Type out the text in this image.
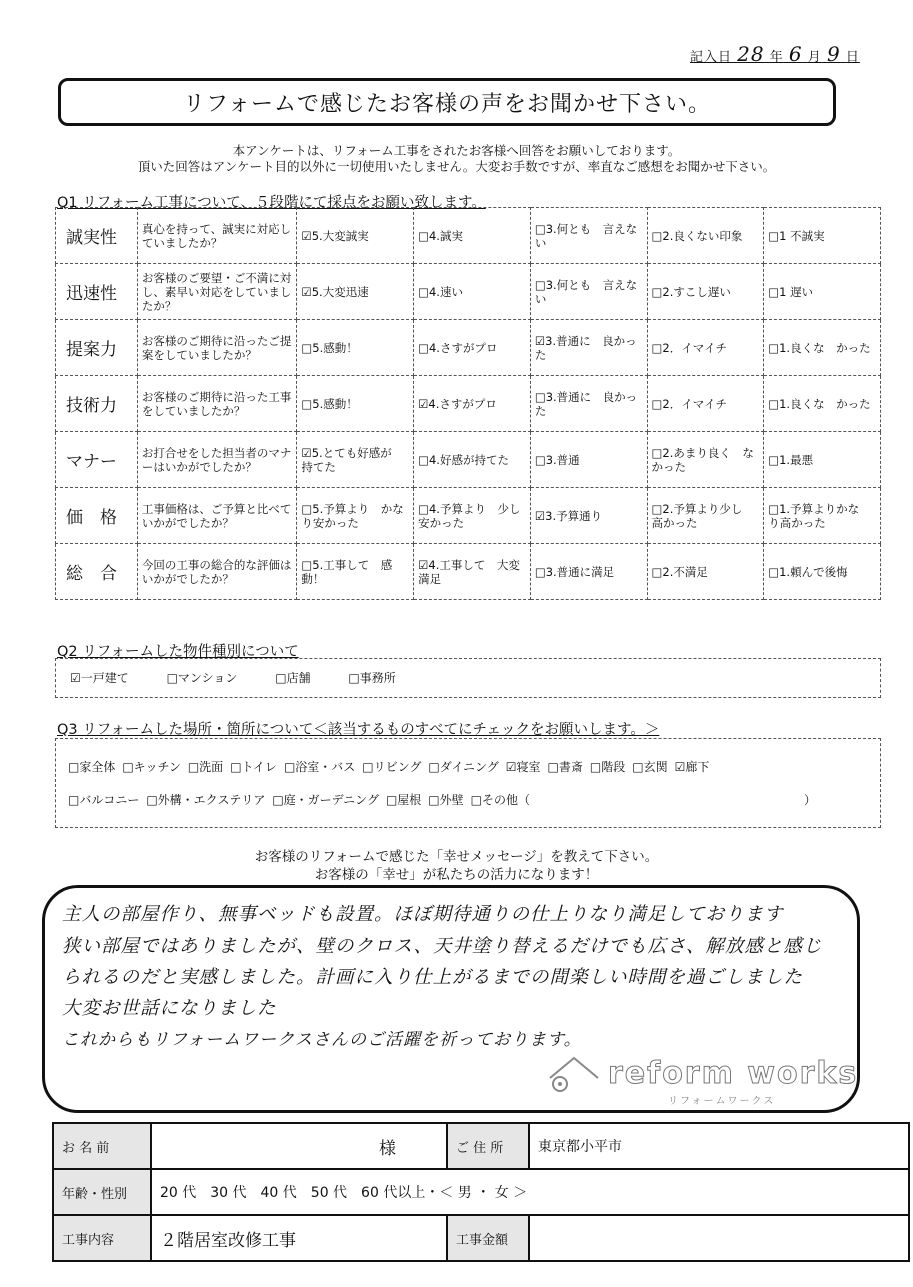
記入日 28 年 6 月 9 日
リフォームで感じたお客様の声をお聞かせ下さい。
本アンケートは、リフォーム工事をされたお客様へ回答をお願いしております。
頂いた回答はアンケート目的以外に一切使用いたしません。大変お手数ですが、率直なご感想をお聞かせ下さい。
Q1 リフォーム工事について、５段階にて採点をお願い致します。
誠実性	真心を持って、誠実に対応していましたか？	☑5.大変誠実	□4.誠実	□3.何とも　言えない	□2.良くない印象	□1 不誠実
迅速性	お客様のご要望・ご不満に対し、素早い対応をしていましたか？	☑5.大変迅速	□4.速い	□3.何とも　言えない	□2.すこし遅い	□1 遅い
提案力	お客様のご期待に沿ったご提案をしていましたか？	□5.感動！	□4.さすがプロ	☑3.普通に　良かった	□2．イマイチ	□1.良くな　かった
技術力	お客様のご期待に沿った工事をしていましたか？	□5.感動！	☑4.さすがプロ	□3.普通に　良かった	□2．イマイチ	□1.良くな　かった
マナー	お打合せをした担当者のマナーはいかがでしたか？	☑5.とても好感が　持てた	□4.好感が持てた	□3.普通	□2.あまり良く　なかった	□1.最悪
価　格	工事価格は、ご予算と比べていかがでしたか？	□5.予算より　かなり安かった	□4.予算より　少し安かった	☑3.予算通り	□2.予算より少し　高かった	□1.予算よりかな　り高かった
総　合	今回の工事の総合的な評価はいかがでしたか？	□5.工事して　感動！	☑4.工事して　大変満足	□3.普通に満足	□2.不満足	□1.頼んで後悔
Q2 リフォームした物件種別について
☑一戸建て	□マンション	□店舗	□事務所
Q3 リフォームした場所・箇所について＜該当するものすべてにチェックをお願いします。＞
□家全体 □キッチン □洗面 □トイレ □浴室・バス □リビング □ダイニング ☑寝室 □書斎 □階段 □玄関 ☑廊下
□バルコニー □外構・エクステリア □庭・ガーデニング □屋根 □外壁 □その他（	）
お客様のリフォームで感じた「幸せメッセージ」を教えて下さい。
お客様の「幸せ」が私たちの活力になります！
主人の部屋作り、無事ベッドも設置。ほぼ期待通りの仕上りなり満足しております
狭い部屋ではありましたが、壁のクロス、天井塗り替えるだけでも広さ、解放感と感じ
られるのだと実感しました。計画に入り仕上がるまでの間楽しい時間を過ごしました
大変お世話になりました
これからもリフォームワークスさんのご活躍を祈っております。
reform works
リフォームワークス
お 名 前	様	ご 住 所	東京都小平市
年齢・性別	20 代　30 代　40 代　50 代　60 代以上・＜ 男 ・ 女 ＞		
工事内容	２階居室改修工事	工事金額	
